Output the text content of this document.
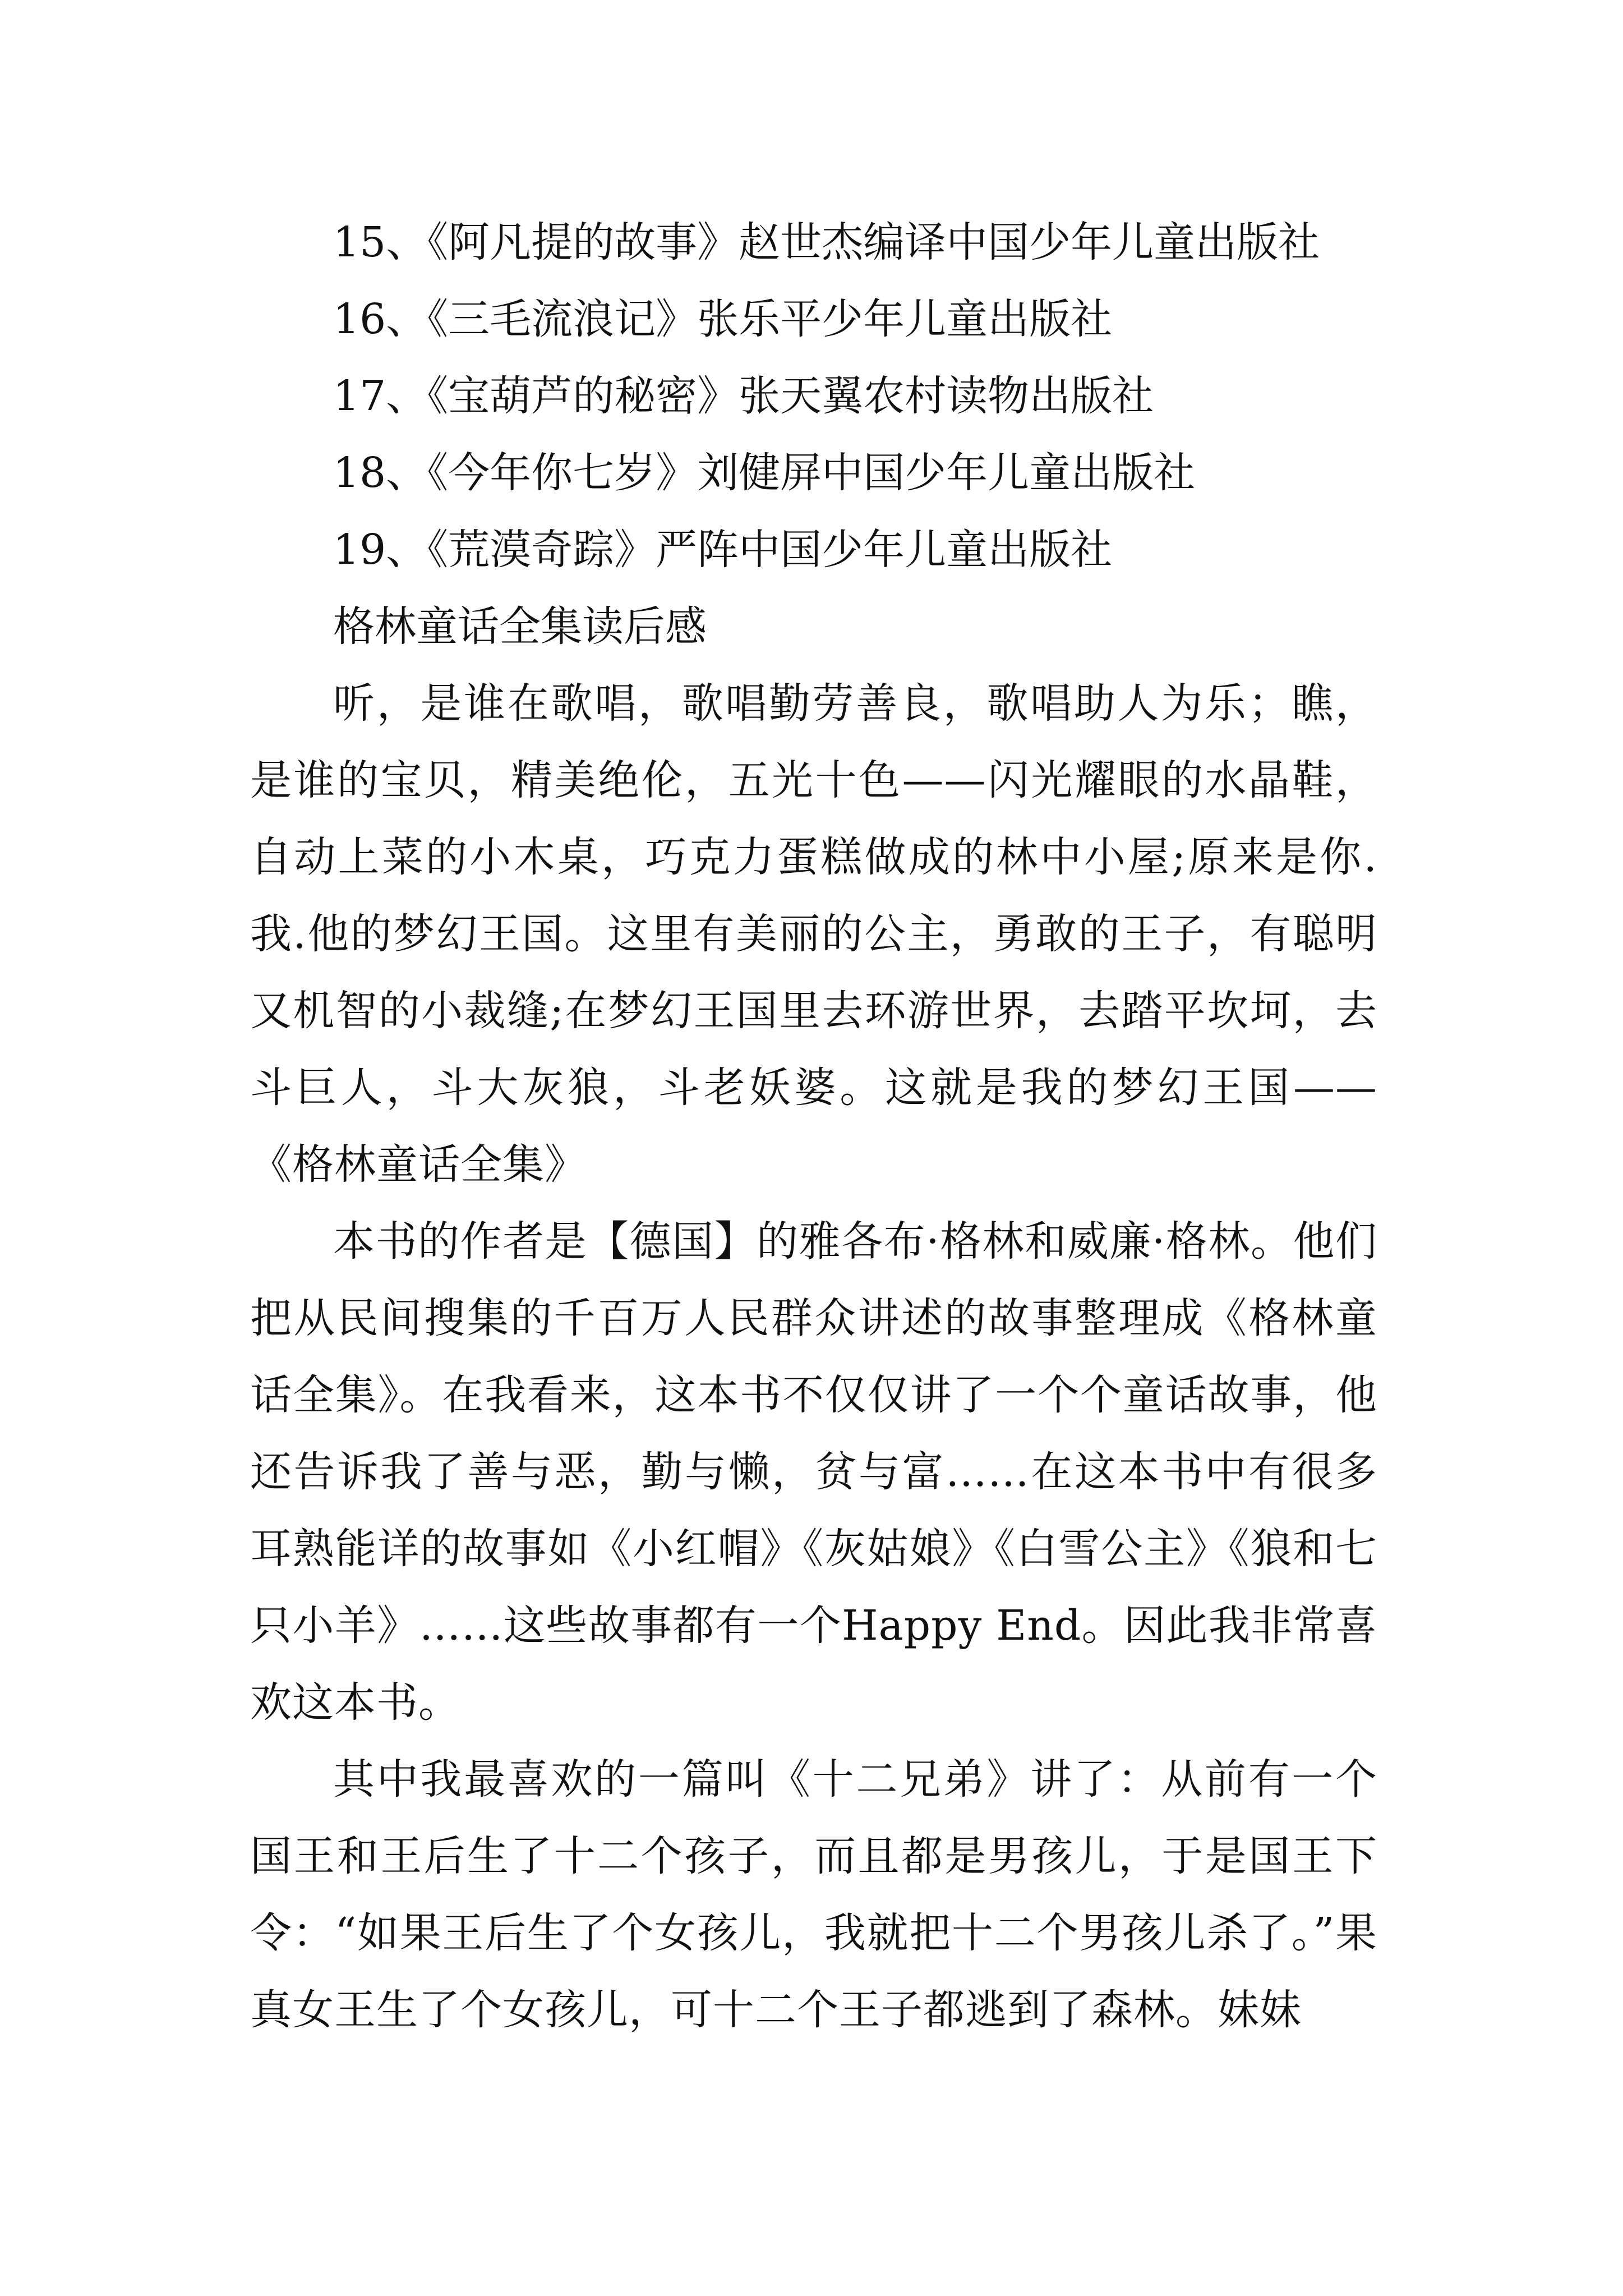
15、《阿凡提的故事》赵世杰编译中国少年儿童出版社

16、《三毛流浪记》张乐平少年儿童出版社

17、《宝葫芦的秘密》张天翼农村读物出版社

18、《今年你七岁》刘健屏中国少年儿童出版社

19、《荒漠奇踪》严阵中国少年儿童出版社

格林童话全集读后感

听，是谁在歌唱，歌唱勤劳善良，歌唱助人为乐；瞧，是谁的宝贝，精美绝伦，五光十色——闪光耀眼的水晶鞋，自动上菜的小木桌，巧克力蛋糕做成的林中小屋;原来是你.我.他的梦幻王国。这里有美丽的公主，勇敢的王子，有聪明又机智的小裁缝;在梦幻王国里去环游世界，去踏平坎坷，去斗巨人，斗大灰狼，斗老妖婆。这就是我的梦幻王国——《格林童话全集》

本书的作者是【德国】的雅各布·格林和威廉·格林。他们把从民间搜集的千百万人民群众讲述的故事整理成《格林童话全集》。在我看来，这本书不仅仅讲了一个个童话故事，他还告诉我了善与恶，勤与懒，贫与富……在这本书中有很多耳熟能详的故事如《小红帽》《灰姑娘》《白雪公主》《狼和七只小羊》……这些故事都有一个Happy End。因此我非常喜欢这本书。

其中我最喜欢的一篇叫《十二兄弟》讲了：从前有一个国王和王后生了十二个孩子，而且都是男孩儿，于是国王下令：“如果王后生了个女孩儿，我就把十二个男孩儿杀了。”果真女王生了个女孩儿，可十二个王子都逃到了森林。妹妹
